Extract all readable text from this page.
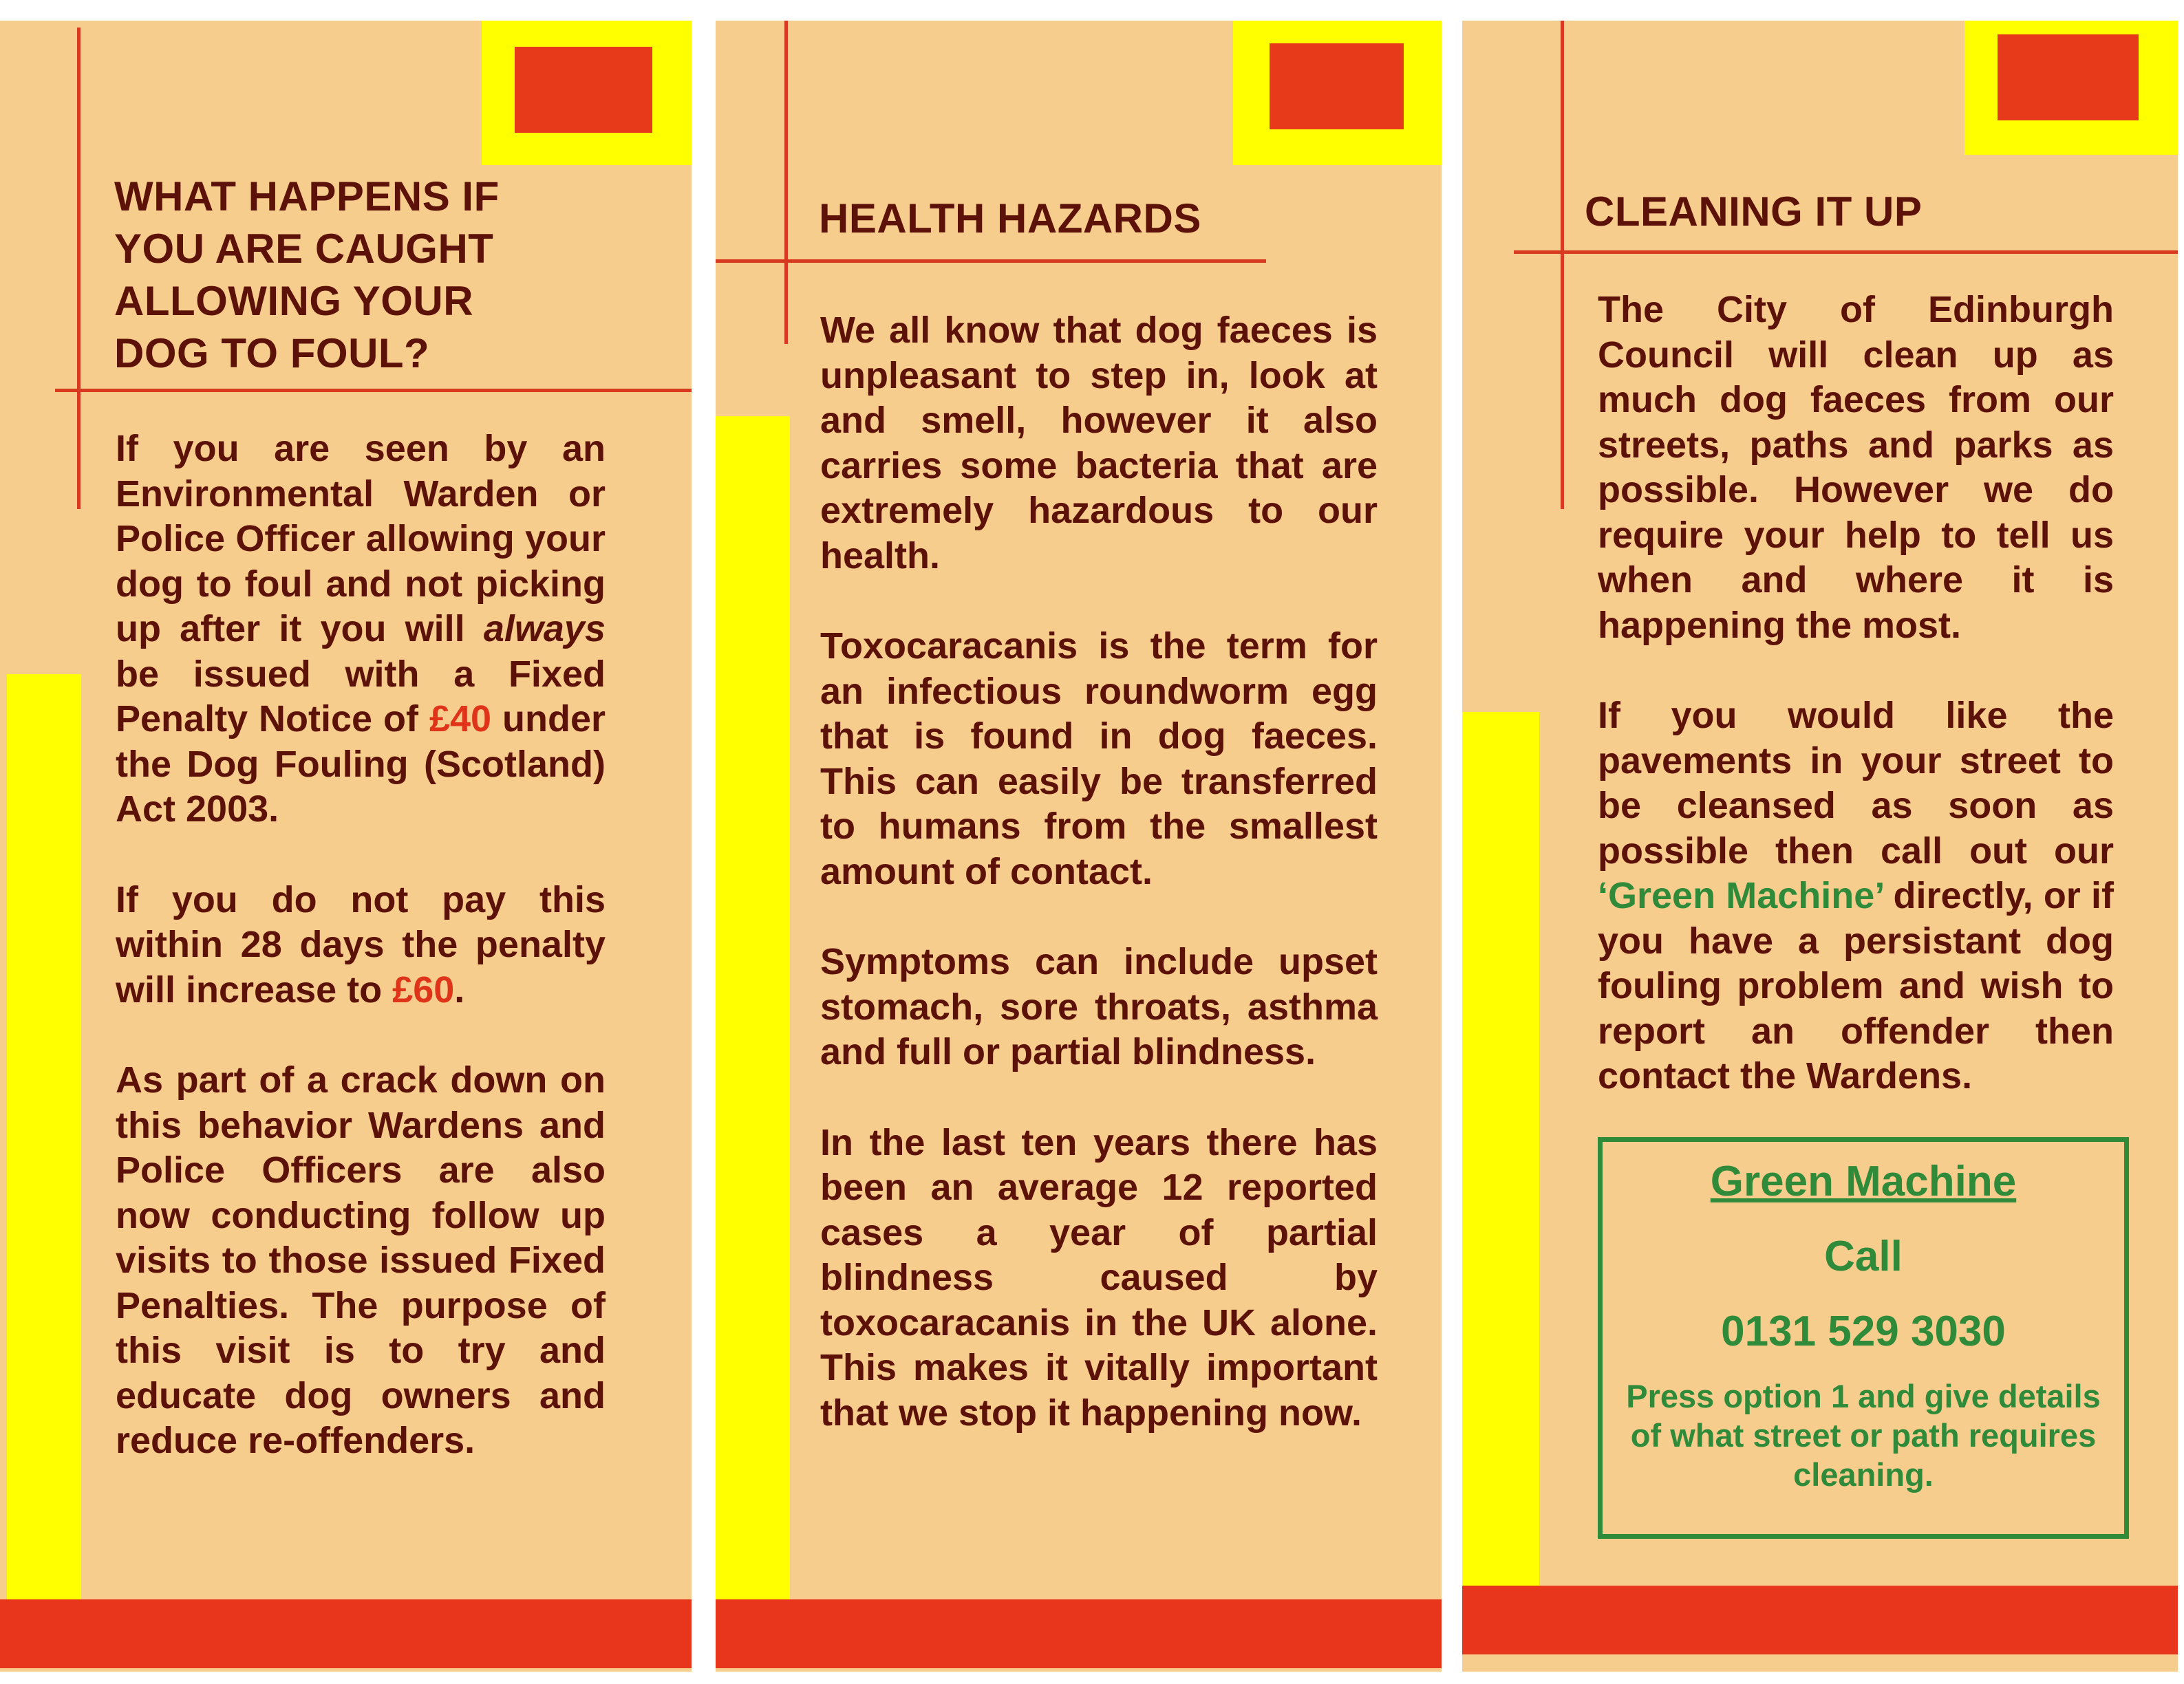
WHAT HAPPENS IF
YOU ARE CAUGHT
ALLOWING YOUR
DOG TO FOUL?

If you are seen by an Environmental Warden or Police Officer allowing your dog to foul and not picking up after it you will always be issued with a Fixed Penalty Notice of £40 under the Dog Fouling (Scotland) Act 2003.

If you do not pay this within 28 days the penalty will increase to £60.

As part of a crack down on this behavior Wardens and Police Officers are also now conducting follow up visits to those issued Fixed Penalties. The purpose of this visit is to try and educate dog owners and reduce re-offenders.

HEALTH HAZARDS

We all know that dog faeces is unpleasant to step in, look at and smell, however it also carries some bacteria that are extremely hazardous to our health.

Toxocaracanis is the term for an infectious roundworm egg that is found in dog faeces. This can easily be transferred to humans from the smallest amount of contact.

Symptoms can include upset stomach, sore throats, asthma and full or partial blindness.

In the last ten years there has been an average 12 reported cases a year of partial blindness caused by toxocaracanis in the UK alone. This makes it vitally important that we stop it happening now.

CLEANING IT UP

The City of Edinburgh Council will clean up as much dog faeces from our streets, paths and parks as possible. However we do require your help to tell us when and where it is happening the most.

If you would like the pavements in your street to be cleansed as soon as possible then call out our ‘Green Machine’ directly, or if you have a persistant dog fouling problem and wish to report an offender then contact the Wardens.

Green Machine
Call
0131 529 3030
Press option 1 and give details of what street or path requires cleaning.
